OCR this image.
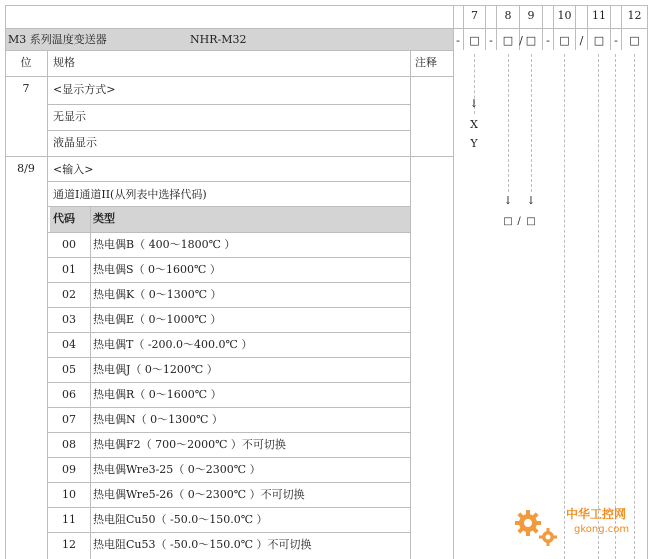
7	8	9	10	11	12
M3 系列温度变送器	NHR-M32	- □ - □ / □ - □ / □ -	□
位	规格	注释
7	<显示方式>
无显示
液晶显示
↓
X
Y
8/9	<输入>
通道I通道II(从列表中选择代码)
代码 类型
↓
□ /
↓
□
00	热电偶B（ 400～1800℃ ）
01	热电偶S（ 0～1600℃ ）
02	热电偶K（ 0～1300℃ ）
03	热电偶E（ 0～1000℃ ）
04	热电偶T（ -200.0～400.0℃ ）
05	热电偶J（ 0～1200℃ ）
06	热电偶R（ 0～1600℃ ）
07	热电偶N（ 0～1300℃ ）
08	热电偶F2（ 700～2000℃ ）不可切换
09	热电偶Wre3-25（ 0～2300℃ ）
10	热电偶Wre5-26（ 0～2300℃ ）不可切换
11	热电阻Cu50（ -50.0～150.0℃ ）
12	热电阻Cu53（ -50.0～150.0℃ ）不可切换
中华工控网
gkong.com
